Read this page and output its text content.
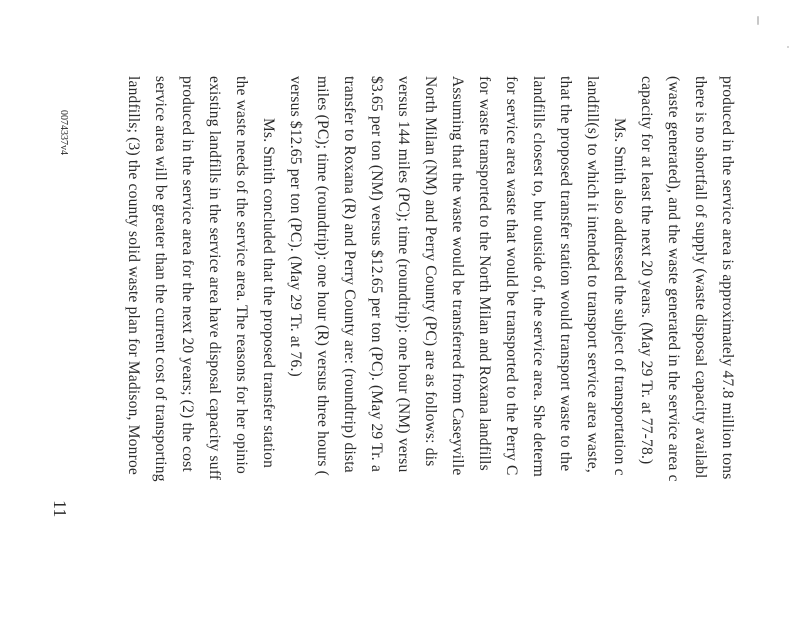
produced in the service area is approximately 47.8 million tons
there is no shortfall of supply (waste disposal capacity availabl
(waste generated), and the waste generated in the service area c
capacity for at least the next 20 years. (May 29 Tr. at 77-78.)
Ms. Smith also addressed the subject of transportation c
landfill(s) to which it intended to transport service area waste,
that the proposed transfer station would transport waste to the
landfills closest to, but outside of, the service area. She determ
for service area waste that would be transported to the Perry C
for waste transported to the North Milan and Roxana landfills
Assuming that the waste would be transferred from Caseyville
North Milan (NM) and Perry County (PC) are as follows: dis
versus 144 miles (PC); time (roundtrip): one hour (NM) versu
$3.65 per ton (NM) versus $12.65 per ton (PC). (May 29 Tr. a
transfer to Roxana (R) and Perry County are: (roundtrip) dista
miles (PC); time (roundtrip): one hour (R) versus three hours (
versus $12.65 per ton (PC). (May 29 Tr. at 76.)
Ms. Smith concluded that the proposed transfer station
the waste needs of the service area. The reasons for her opinio
existing landfills in the service area have disposal capacity suff
produced in the service area for the next 20 years; (2) the cost
service area will be greater than the current cost of transporting
landfills; (3) the county solid waste plan for Madison, Monroe
11
0074337v4
